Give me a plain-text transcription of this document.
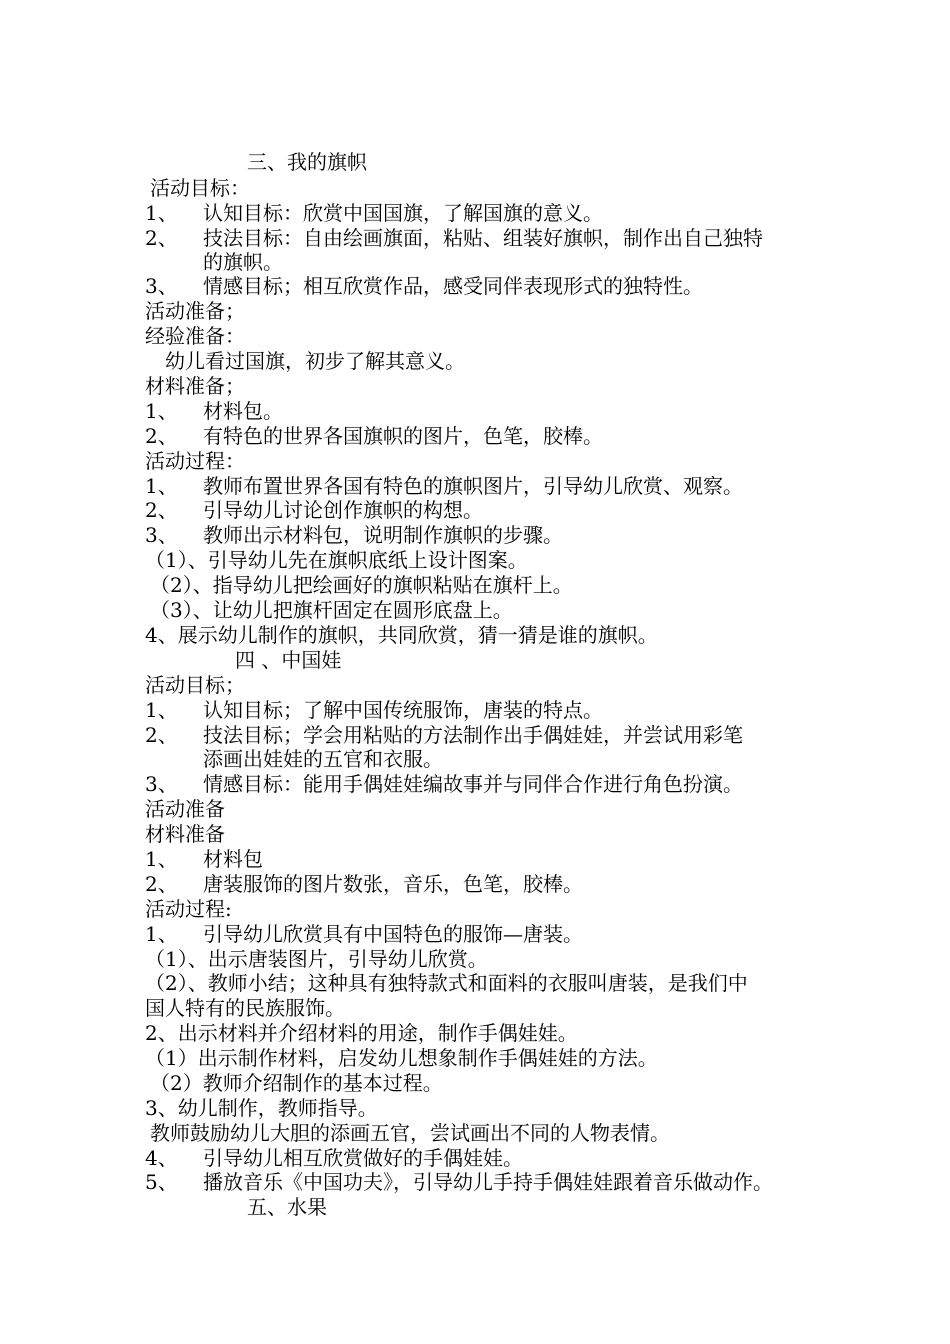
三、我的旗帜
活动目标：
1、 认知目标：欣赏中国国旗，了解国旗的意义。
2、 技法目标：自由绘画旗面，粘贴、组装好旗帜，制作出自己独特
的旗帜。
3、 情感目标；相互欣赏作品，感受同伴表现形式的独特性。
活动准备；
经验准备：
幼儿看过国旗，初步了解其意义。
材料准备；
1、 材料包。
2、 有特色的世界各国旗帜的图片，色笔，胶棒。
活动过程：
1、 教师布置世界各国有特色的旗帜图片，引导幼儿欣赏、观察。
2、 引导幼儿讨论创作旗帜的构想。
3、 教师出示材料包，说明制作旗帜的步骤。
（1）、引导幼儿先在旗帜底纸上设计图案。
（2）、指导幼儿把绘画好的旗帜粘贴在旗杆上。
（3）、让幼儿把旗杆固定在圆形底盘上。
4、展示幼儿制作的旗帜，共同欣赏，猜一猜是谁的旗帜。
四 、中国娃
活动目标；
1、 认知目标；了解中国传统服饰，唐装的特点。
2、 技法目标；学会用粘贴的方法制作出手偶娃娃，并尝试用彩笔
添画出娃娃的五官和衣服。
3、 情感目标：能用手偶娃娃编故事并与同伴合作进行角色扮演。
活动准备
材料准备
1、 材料包
2、 唐装服饰的图片数张，音乐，色笔，胶棒。
活动过程:
1、 引导幼儿欣赏具有中国特色的服饰—唐装。
（1）、出示唐装图片，引导幼儿欣赏。
（2）、教师小结；这种具有独特款式和面料的衣服叫唐装，是我们中
国人特有的民族服饰。
2、出示材料并介绍材料的用途，制作手偶娃娃。
（1）出示制作材料，启发幼儿想象制作手偶娃娃的方法。
（2）教师介绍制作的基本过程。
3、幼儿制作，教师指导。
教师鼓励幼儿大胆的添画五官，尝试画出不同的人物表情。
4、 引导幼儿相互欣赏做好的手偶娃娃。
5、 播放音乐《中国功夫》，引导幼儿手持手偶娃娃跟着音乐做动作。
五、水果
